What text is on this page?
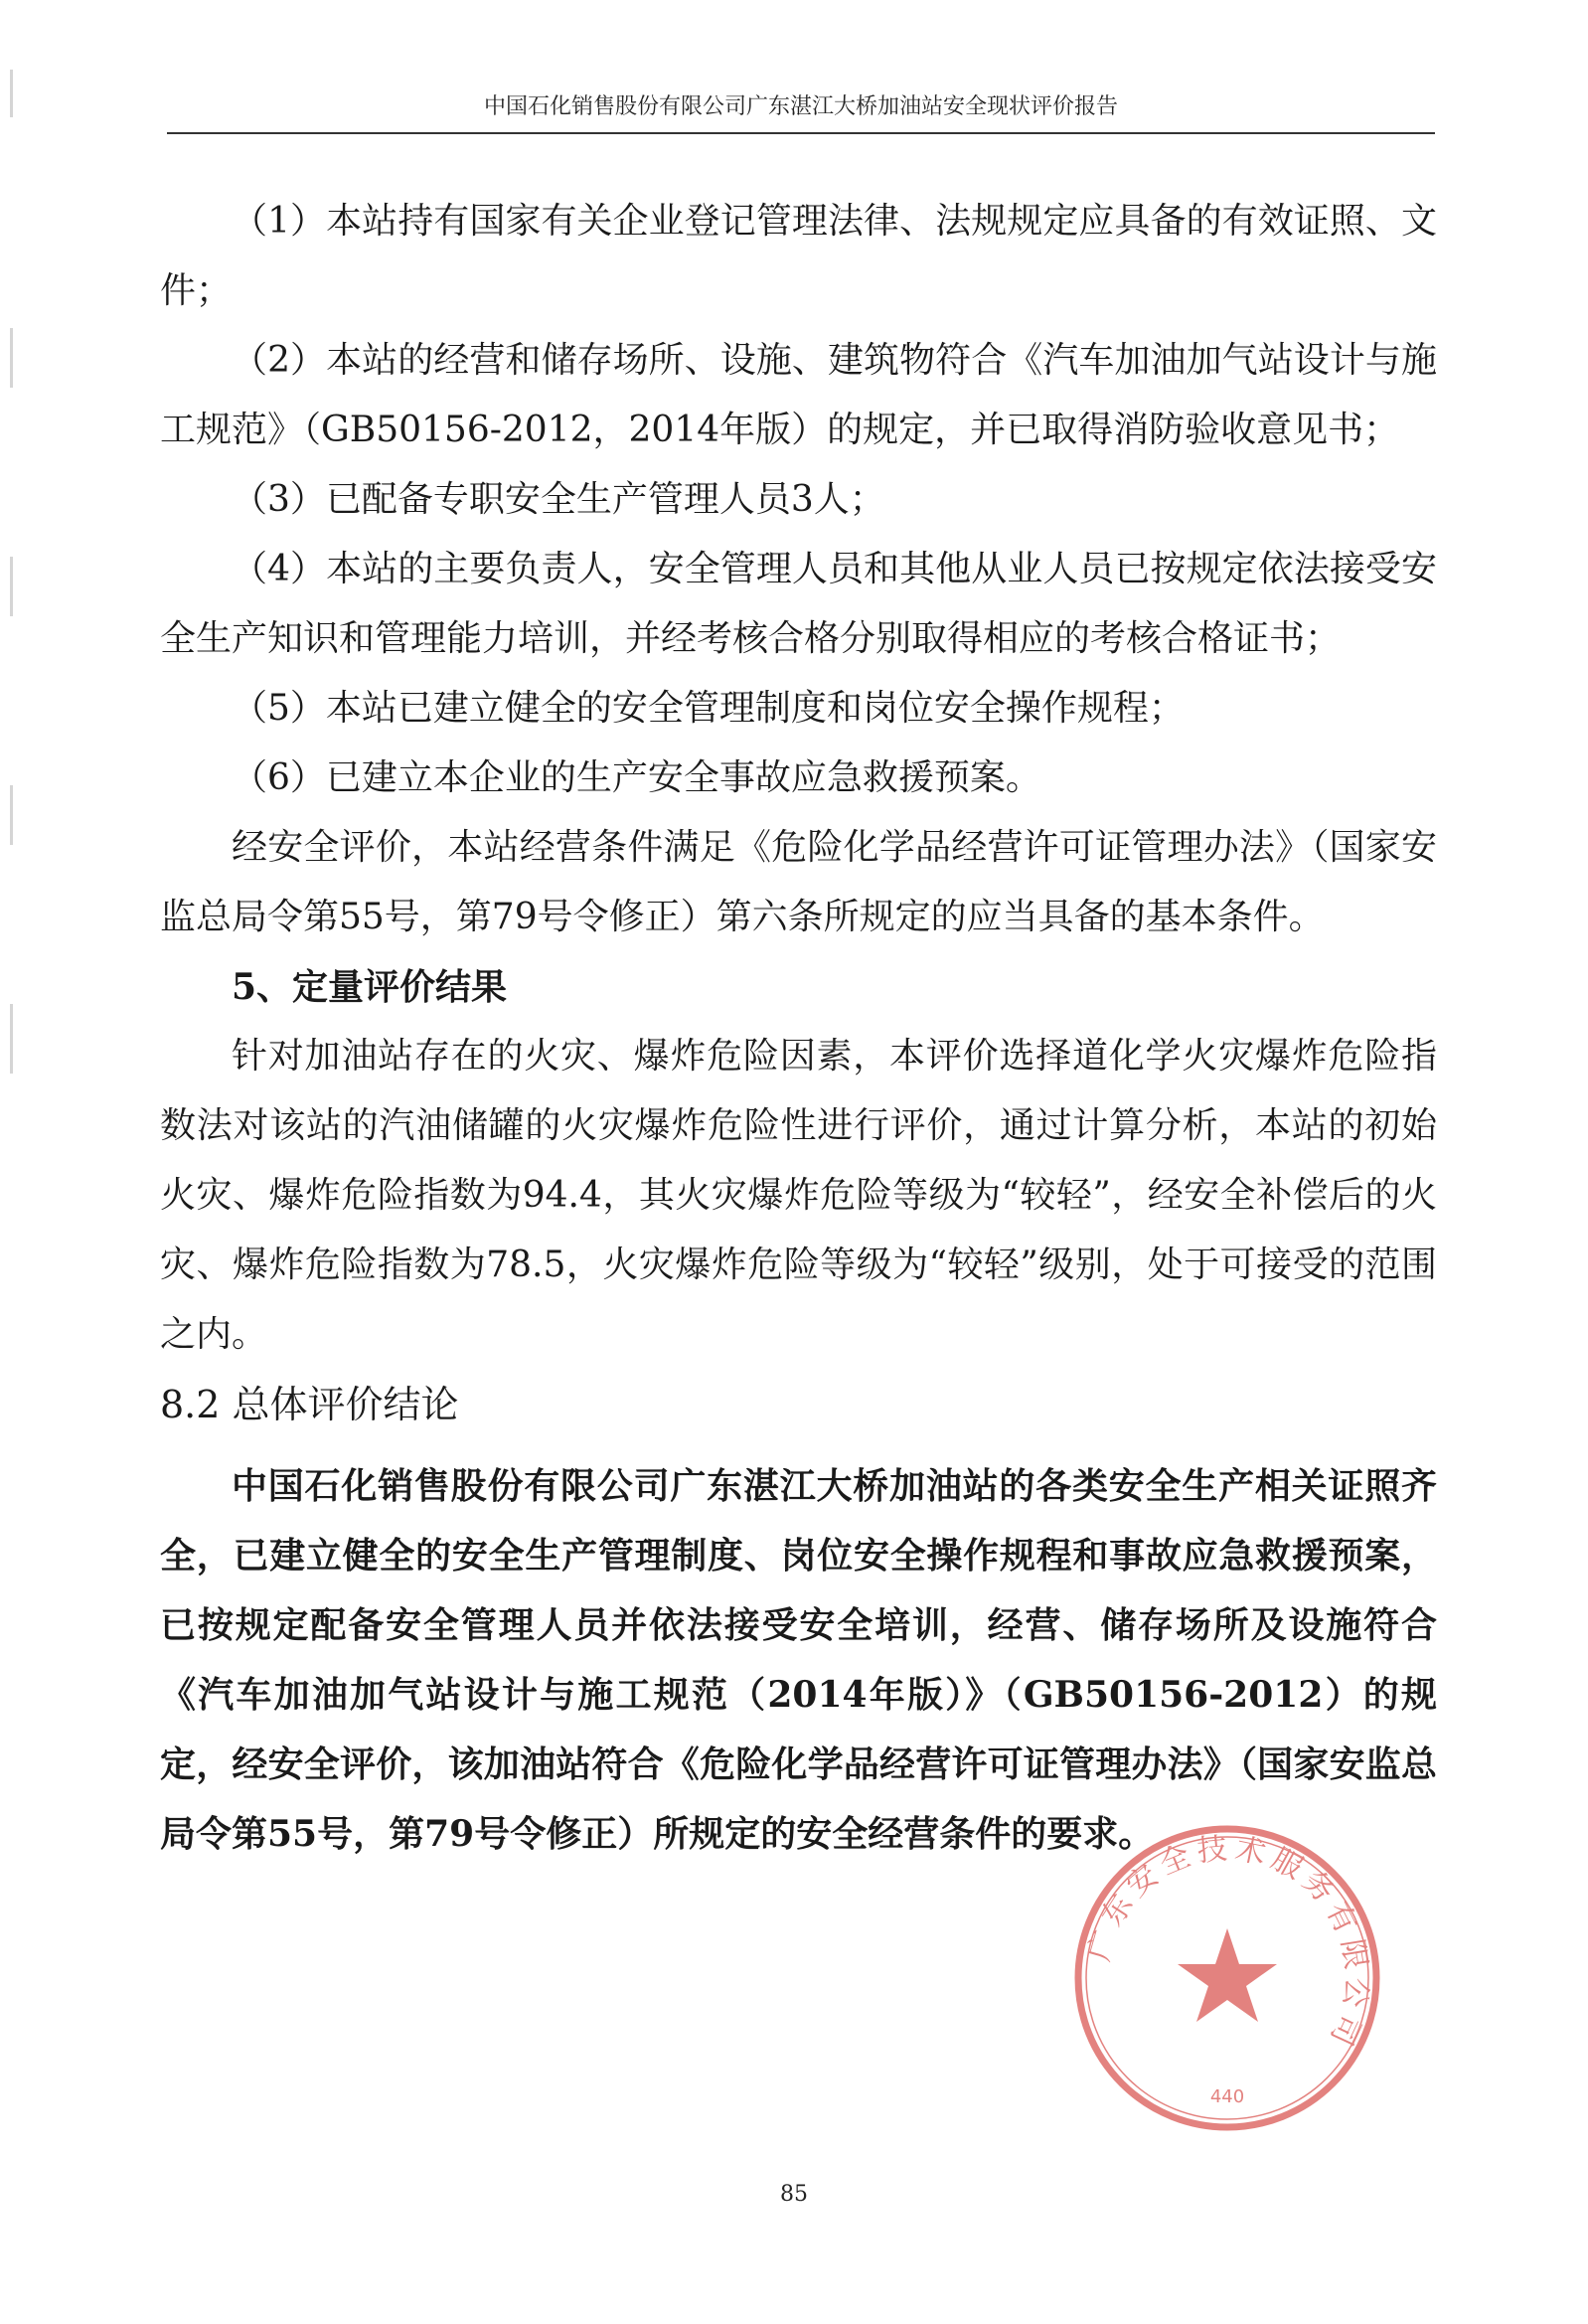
中国石化销售股份有限公司广东湛江大桥加油站安全现状评价报告

（1）本站持有国家有关企业登记管理法律、法规规定应具备的有效证照、文件；

（2）本站的经营和储存场所、设施、建筑物符合《汽车加油加气站设计与施工规范》（GB50156-2012，2014年版）的规定，并已取得消防验收意见书；

（3）已配备专职安全生产管理人员3人；

（4）本站的主要负责人，安全管理人员和其他从业人员已按规定依法接受安全生产知识和管理能力培训，并经考核合格分别取得相应的考核合格证书；

（5）本站已建立健全的安全管理制度和岗位安全操作规程；

（6）已建立本企业的生产安全事故应急救援预案。

经安全评价，本站经营条件满足《危险化学品经营许可证管理办法》（国家安监总局令第55号，第79号令修正）第六条所规定的应当具备的基本条件。

5、定量评价结果

针对加油站存在的火灾、爆炸危险因素，本评价选择道化学火灾爆炸危险指数法对该站的汽油储罐的火灾爆炸危险性进行评价，通过计算分析，本站的初始火灾、爆炸危险指数为94.4，其火灾爆炸危险等级为“较轻”，经安全补偿后的火灾、爆炸危险指数为78.5，火灾爆炸危险等级为“较轻”级别，处于可接受的范围之内。

8.2 总体评价结论

中国石化销售股份有限公司广东湛江大桥加油站的各类安全生产相关证照齐全，已建立健全的安全生产管理制度、岗位安全操作规程和事故应急救援预案，已按规定配备安全管理人员并依法接受安全培训，经营、储存场所及设施符合《汽车加油加气站设计与施工规范（2014年版）》（GB50156-2012）的规定，经安全评价，该加油站符合《危险化学品经营许可证管理办法》（国家安监总局令第55号，第79号令修正）所规定的安全经营条件的要求。

广东安全技术服务有限公司
440
85
